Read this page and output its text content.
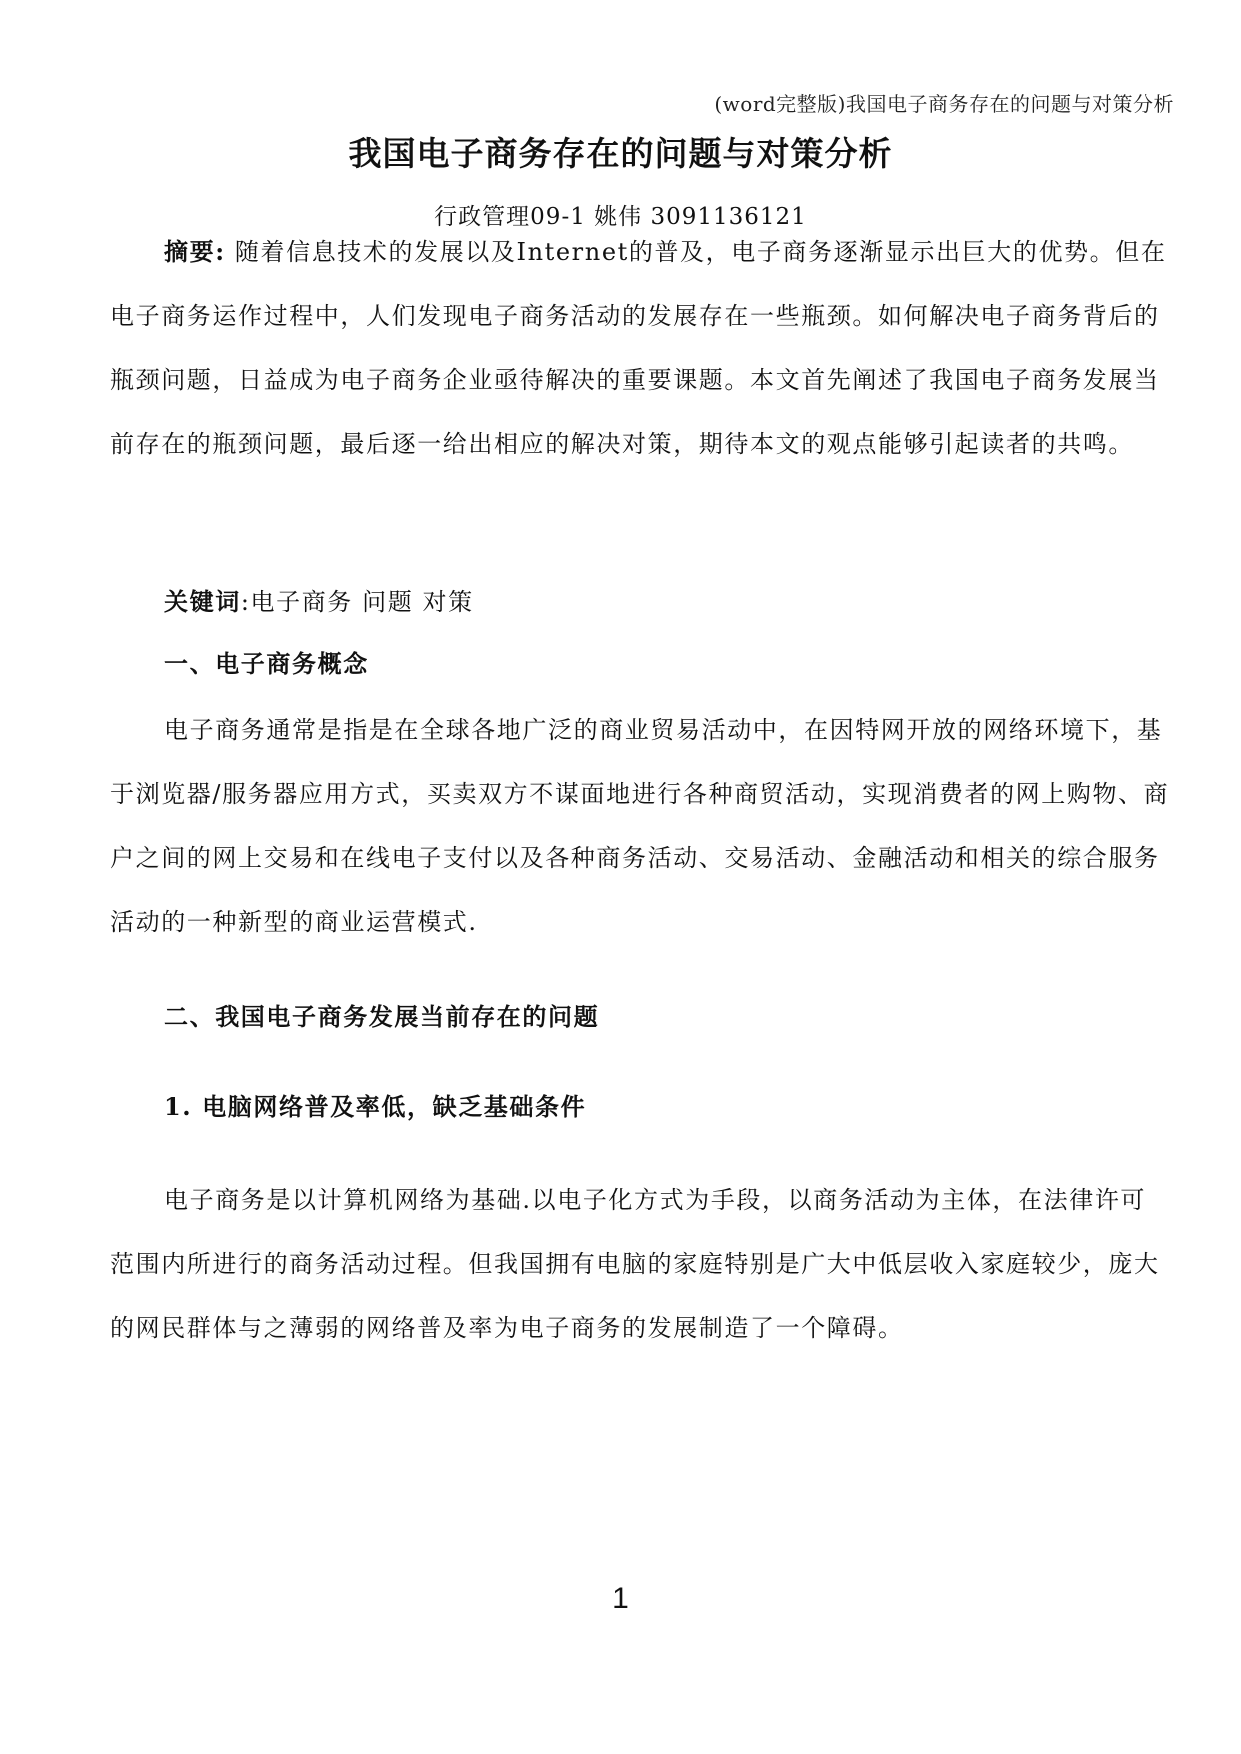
(word完整版)我国电子商务存在的问题与对策分析
我国电子商务存在的问题与对策分析
行政管理09-1 姚伟 3091136121

摘要: 随着信息技术的发展以及Internet的普及，电子商务逐渐显示出巨大的优势。但在电子商务运作过程中，人们发现电子商务活动的发展存在一些瓶颈。如何解决电子商务背后的瓶颈问题，日益成为电子商务企业亟待解决的重要课题。本文首先阐述了我国电子商务发展当前存在的瓶颈问题，最后逐一给出相应的解决对策，期待本文的观点能够引起读者的共鸣。

关键词:电子商务 问题 对策

一、电子商务概念

电子商务通常是指是在全球各地广泛的商业贸易活动中，在因特网开放的网络环境下，基于浏览器/服务器应用方式，买卖双方不谋面地进行各种商贸活动，实现消费者的网上购物、商户之间的网上交易和在线电子支付以及各种商务活动、交易活动、金融活动和相关的综合服务活动的一种新型的商业运营模式.

二、我国电子商务发展当前存在的问题
1. 电脑网络普及率低，缺乏基础条件

电子商务是以计算机网络为基础.以电子化方式为手段，以商务活动为主体，在法律许可范围内所进行的商务活动过程。但我国拥有电脑的家庭特别是广大中低层收入家庭较少，庞大的网民群体与之薄弱的网络普及率为电子商务的发展制造了一个障碍。

1
